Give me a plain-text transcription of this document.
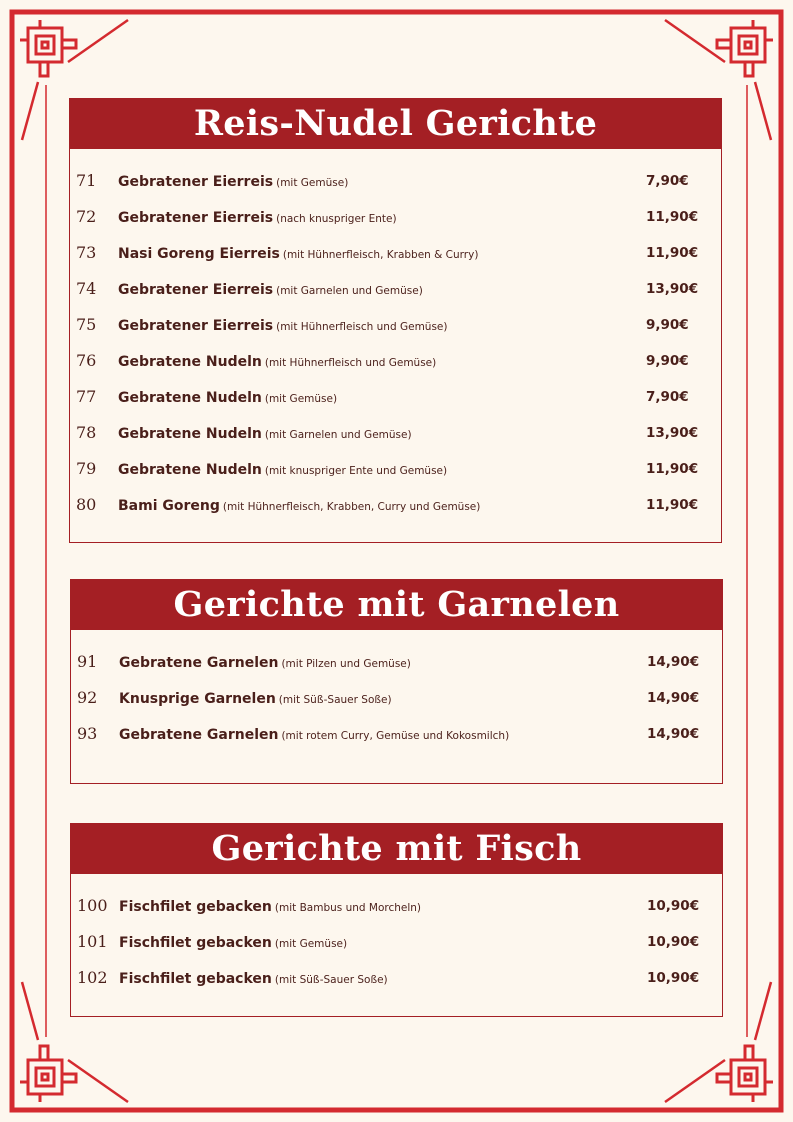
Reis-Nudel Gerichte
71 Gebratener Eierreis (mit Gemüse)	7,90€
72 Gebratener Eierreis (nach knuspriger Ente)	11,90€
73 Nasi Goreng Eierreis (mit Hühnerfleisch, Krabben & Curry)	11,90€
74 Gebratener Eierreis (mit Garnelen und Gemüse)	13,90€
75 Gebratener Eierreis (mit Hühnerfleisch und Gemüse)	9,90€
76 Gebratene Nudeln (mit Hühnerfleisch und Gemüse)	9,90€
77 Gebratene Nudeln (mit Gemüse)	7,90€
78 Gebratene Nudeln (mit Garnelen und Gemüse)	13,90€
79 Gebratene Nudeln (mit knuspriger Ente und Gemüse)	11,90€
80 Bami Goreng (mit Hühnerfleisch, Krabben, Curry und Gemüse)	11,90€
Gerichte mit Garnelen
91 Gebratene Garnelen (mit Pilzen und Gemüse)	14,90€
92 Knusprige Garnelen (mit Süß-Sauer Soße)	14,90€
93 Gebratene Garnelen (mit rotem Curry, Gemüse und Kokosmilch)	14,90€
Gerichte mit Fisch
100 Fischfilet gebacken (mit Bambus und Morcheln)	10,90€
101 Fischfilet gebacken (mit Gemüse)	10,90€
102 Fischfilet gebacken (mit Süß-Sauer Soße)	10,90€
